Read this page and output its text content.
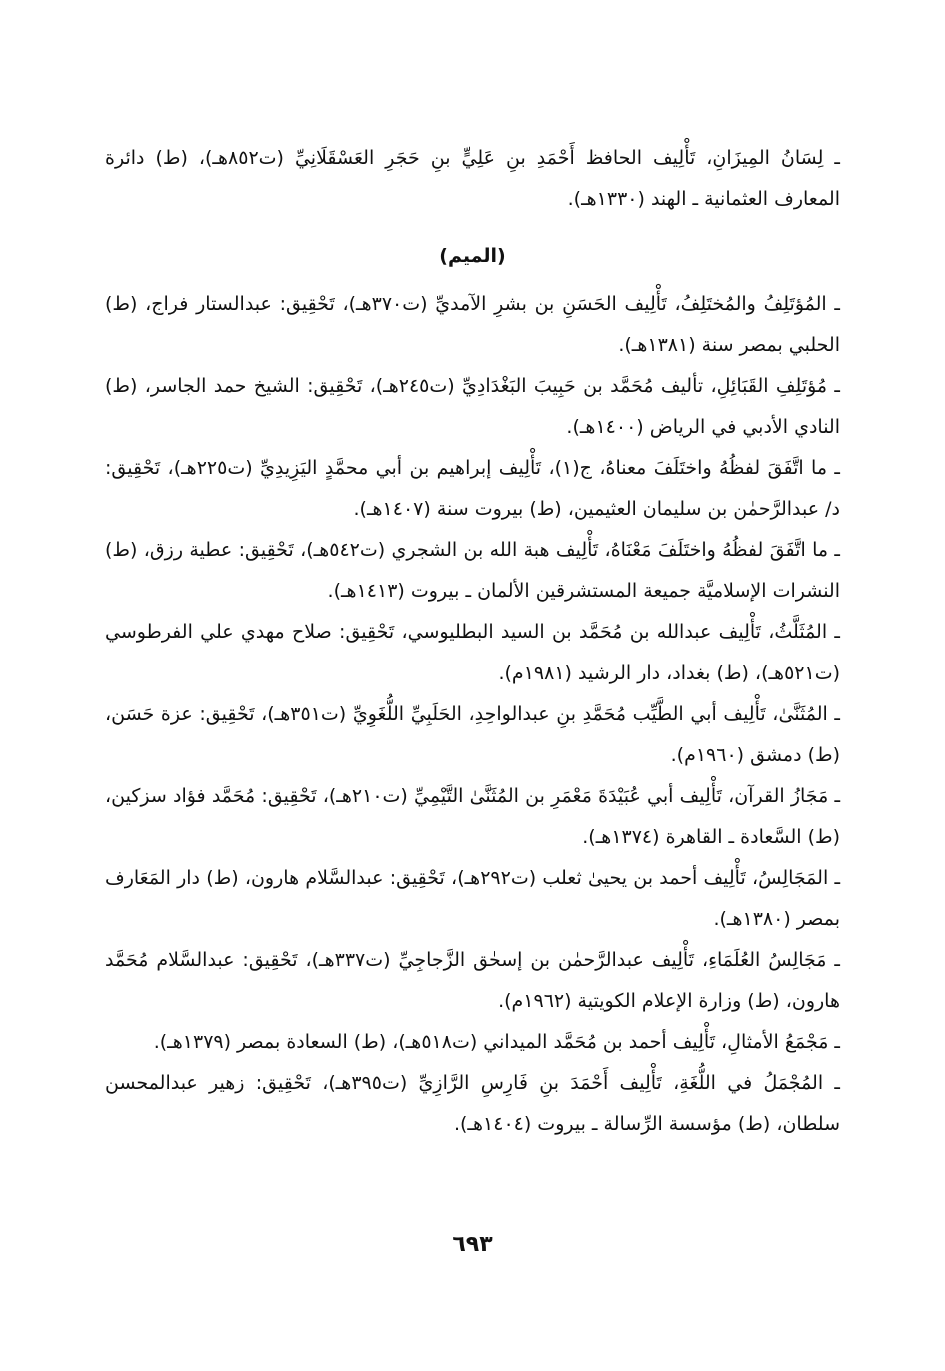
ـ لِسَانُ المِيزَانِ، تَأْلِيف الحافظ أَحْمَدِ بنِ عَلِيٍّ بنِ حَجَرِ العَسْقَلَانِيِّ (ت٨٥٢هـ)، (ط) دائرة المعارف العثمانية ـ الهند (١٣٣٠هـ).

(الميم)

ـ المُؤتَلِفُ والمُختَلِفُ، تَأْلِيف الحَسَنِ بن بشرِ الآمديِّ (ت٣٧٠هـ)، تَحْقِيق: عبدالستار فراج، (ط) الحلبي بمصر سنة (١٣٨١هـ).

ـ مُؤتَلِفِ القَبَائِلِ، تأليف مُحَمَّد بن حَبِيبَ البَغْدَادِيِّ (ت٢٤٥هـ)، تَحْقِيق: الشيخ حمد الجاسر، (ط) النادي الأدبي في الرياض (١٤٠٠هـ).

ـ ما اتَّفَقَ لفظُهُ واختَلَفَ معناهُ، ج(١)، تَأْلِيف إبراهيم بن أبي محمَّدٍ اليَزِيدِيِّ (ت٢٢٥هـ)، تَحْقِيق: د/ عبدالرَّحمٰن بن سليمان العثيمين، (ط) بيروت سنة (١٤٠٧هـ).

ـ ما اتَّفَقَ لفظُهُ واختَلَفَ مَعْنَاهُ، تَأْلِيف هبة الله بن الشجري (ت٥٤٢هـ)، تَحْقِيق: عطية رزق، (ط) النشرات الإسلاميَّة جميعة المستشرقين الألمان ـ بيروت (١٤١٣هـ).

ـ المُثَلَّثُ، تَأْلِيف عبدالله بن مُحَمَّد بن السيد البطليوسي، تَحْقِيق: صلاح مهدي علي الفرطوسي (ت٥٢١هـ)، (ط) بغداد، دار الرشيد (١٩٨١م).

ـ المُثَنَّىٰ، تَأْلِيف أبي الطَّيِّب مُحَمَّدِ بنِ عبدالواحِدِ، الحَلَبِيِّ اللُّغَوِيِّ (ت٣٥١هـ)، تَحْقِيق: عزة حَسَن، (ط) دمشق (١٩٦٠م).

ـ مَجَازُ القرآن، تَأْلِيف أبي عُبَيْدَةَ مَعْمَرِ بن المُثَنَّىٰ التَّيْمِيِّ (ت٢١٠هـ)، تَحْقِيق: مُحَمَّد فؤاد سزكين، (ط) السَّعادة ـ القاهرة (١٣٧٤هـ).

ـ المَجَالِسُ، تَأْلِيف أحمد بن يحيىٰ ثعلب (ت٢٩٢هـ)، تَحْقِيق: عبدالسَّلام هارون، (ط) دار المَعَارف بمصر (١٣٨٠هـ).

ـ مَجَالِسُ العُلَمَاءِ، تَأْلِيف عبدالرَّحمٰن بن إسحٰق الزَّجاجِيِّ (ت٣٣٧هـ)، تَحْقِيق: عبدالسَّلام مُحَمَّد هارون، (ط) وزارة الإعلام الكويتية (١٩٦٢م).

ـ مَجْمَعُ الأمثالِ، تَأْلِيف أحمد بن مُحَمَّد الميداني (ت٥١٨هـ)، (ط) السعادة بمصر (١٣٧٩هـ).

ـ المُجْمَلُ في اللُّغَةِ، تَأْلِيف أَحْمَدَ بنِ فَارِسِ الرَّازِيِّ (ت٣٩٥هـ)، تَحْقِيق: زهير عبدالمحسن سلطان، (ط) مؤسسة الرِّسالة ـ بيروت (١٤٠٤هـ).

٦٩٣
